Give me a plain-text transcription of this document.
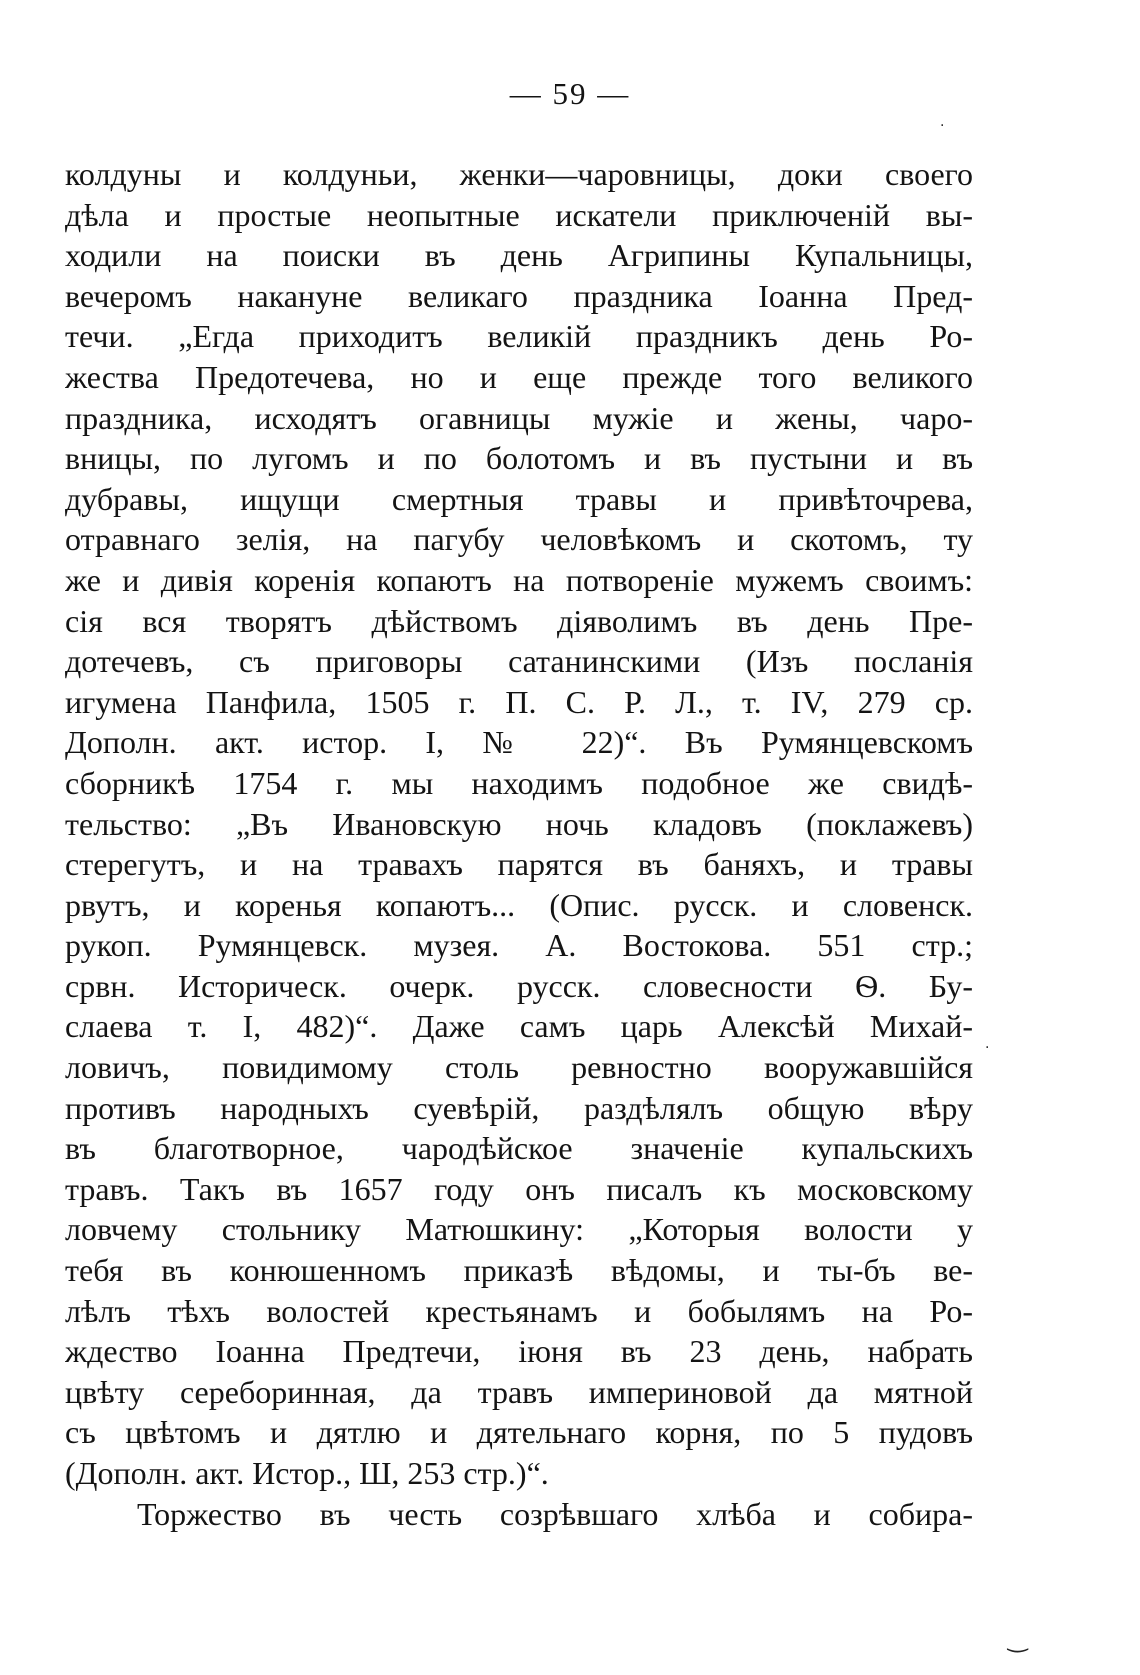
— 59 —
колдуны и колдуньи, женки—чаровницы, доки своего
дѣла и простые неопытные искатели приключеній вы-
ходили на поиски въ день Агрипины Купальницы,
вечеромъ накануне великаго праздника Іоанна Пред-
течи. „Егда приходитъ великій праздникъ день Ро-
жества Предотечева, но и еще прежде того великого
праздника, исходятъ огавницы мужіе и жены, чаро-
вницы, по лугомъ и по болотомъ и въ пустыни и въ
дубравы, ищущи смертныя травы и привѣточрева,
отравнаго зелія, на пагубу человѣкомъ и скотомъ, ту
же и дивія коренія копаютъ на потвореніе мужемъ своимъ:
сія вся творятъ дѣйствомъ діяволимъ въ день Пре-
дотечевъ, съ приговоры сатанинскими (Изъ посланія
игумена Панфила, 1505 г. П. С. Р. Л., т. IV, 279 ср.
Дополн. акт. истор. I, № 22)“. Въ Румянцевскомъ
сборникѣ 1754 г. мы находимъ подобное же свидѣ-
тельство: „Въ Ивановскую ночь кладовъ (поклажевъ)
стерегутъ, и на травахъ парятся въ баняхъ, и травы
рвутъ, и коренья копаютъ... (Опис. русск. и словенск.
рукоп. Румянцевск. музея. А. Востокова. 551 стр.;
срвн. Историческ. очерк. русск. словесности Ѳ. Бу-
слаева т. I, 482)“. Даже самъ царь Алексѣй Михай-
ловичъ, повидимому столь ревностно вооружавшійся
противъ народныхъ суевѣрій, раздѣлялъ общую вѣру
въ благотворное, чародѣйское значеніе купальскихъ
травъ. Такъ въ 1657 году онъ писалъ къ московскому
ловчему стольнику Матюшкину: „Которыя волости у
тебя въ конюшенномъ приказѣ вѣдомы, и ты-бъ ве-
лѣлъ тѣхъ волостей крестьянамъ и бобылямъ на Ро-
ждество Іоанна Предтечи, іюня въ 23 день, набрать
цвѣту сереборинная, да травъ империновой да мятной
съ цвѣтомъ и дятлю и дятельнаго корня, по 5 пудовъ
(Дополн. акт. Истор., Ш, 253 стр.)“.
Торжество въ честь созрѣвшаго хлѣба и собира-
·
·
‿
